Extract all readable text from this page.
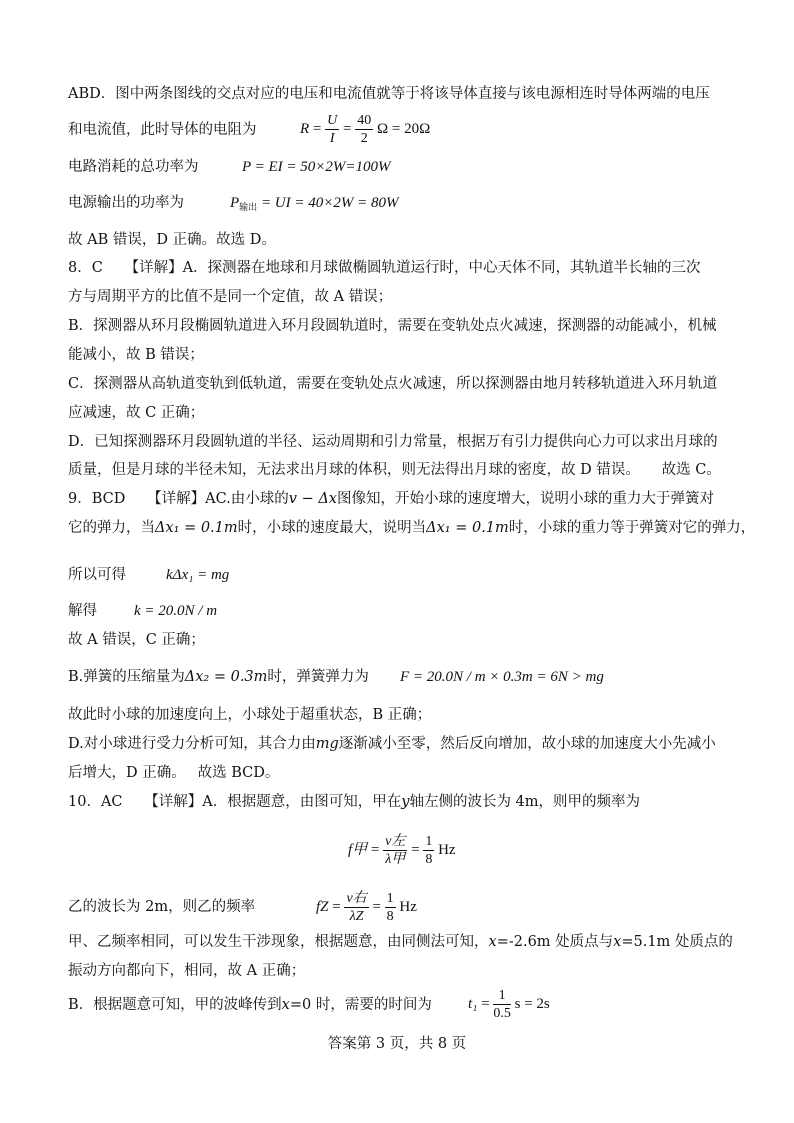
ABD．图中两条图线的交点对应的电压和电流值就等于将该导体直接与该电源相连时导体两端的电压
和电流值，此时导体的电阻为	$R = \frac{U}{I} = \frac{40}{2}$ Ω = 20Ω
电路消耗的总功率为	P = EI = 50×2W=100W
电源输出的功率为	$P_{输出}$ = UI = 40×2W = 80W
故 AB 错误，D 正确。故选 D。
8．C　　【详解】A．探测器在地球和月球做椭圆轨道运行时，中心天体不同，其轨道半长轴的三次
方与周期平方的比值不是同一个定值，故 A 错误；
B．探测器从环月段椭圆轨道进入环月段圆轨道时，需要在变轨处点火减速，探测器的动能减小，机械
能减小，故 B 错误；
C．探测器从高轨道变轨到低轨道，需要在变轨处点火减速，所以探测器由地月转移轨道进入环月轨道
应减速，故 C 正确；
D．已知探测器环月段圆轨道的半径、运动周期和引力常量，根据万有引力提供向心力可以求出月球的
质量，但是月球的半径未知，无法求出月球的体积，则无法得出月球的密度，故 D 错误。　　故选 C。
9．BCD　　【详解】AC.由小球的v − Δx图像知，开始小球的速度增大，说明小球的重力大于弹簧对
它的弹力，当Δx₁ = 0.1m时，小球的速度最大，说明当Δx₁ = 0.1m时，小球的重力等于弹簧对它的弹力，
所以可得	kΔx₁ = mg
解得 k = 20.0N / m
故 A 错误，C 正确；
B.弹簧的压缩量为Δx₂ = 0.3m时，弹簧弹力为 F = 20.0N / m × 0.3m = 6N > mg
故此时小球的加速度向上，小球处于超重状态，B 正确；
D.对小球进行受力分析可知，其合力由mg逐渐减小至零，然后反向增加，故小球的加速度大小先减小
后增大，D 正确。　 故选 BCD。
10．AC　　【详解】A．根据题意，由图可知，甲在y轴左侧的波长为 4m，则甲的频率为
f甲 = $\frac{\text{v左}}{\text{λ甲}} = \frac{1}{8}$ Hz
乙的波长为 2m，则乙的频率	fZ = $\frac{\text{v右}}{\lambda Z} = \frac{1}{8}$ Hz
甲、乙频率相同，可以发生干涉现象，根据题意，由同侧法可知，x=-2.6m 处质点与x=5.1m 处质点的
振动方向都向下，相同，故 A 正确；
B．根据题意可知，甲的波峰传到x=0 时，需要的时间为 $t_1 = \frac{1}{0.5}$ s = 2s
答案第 3 页，共 8 页
